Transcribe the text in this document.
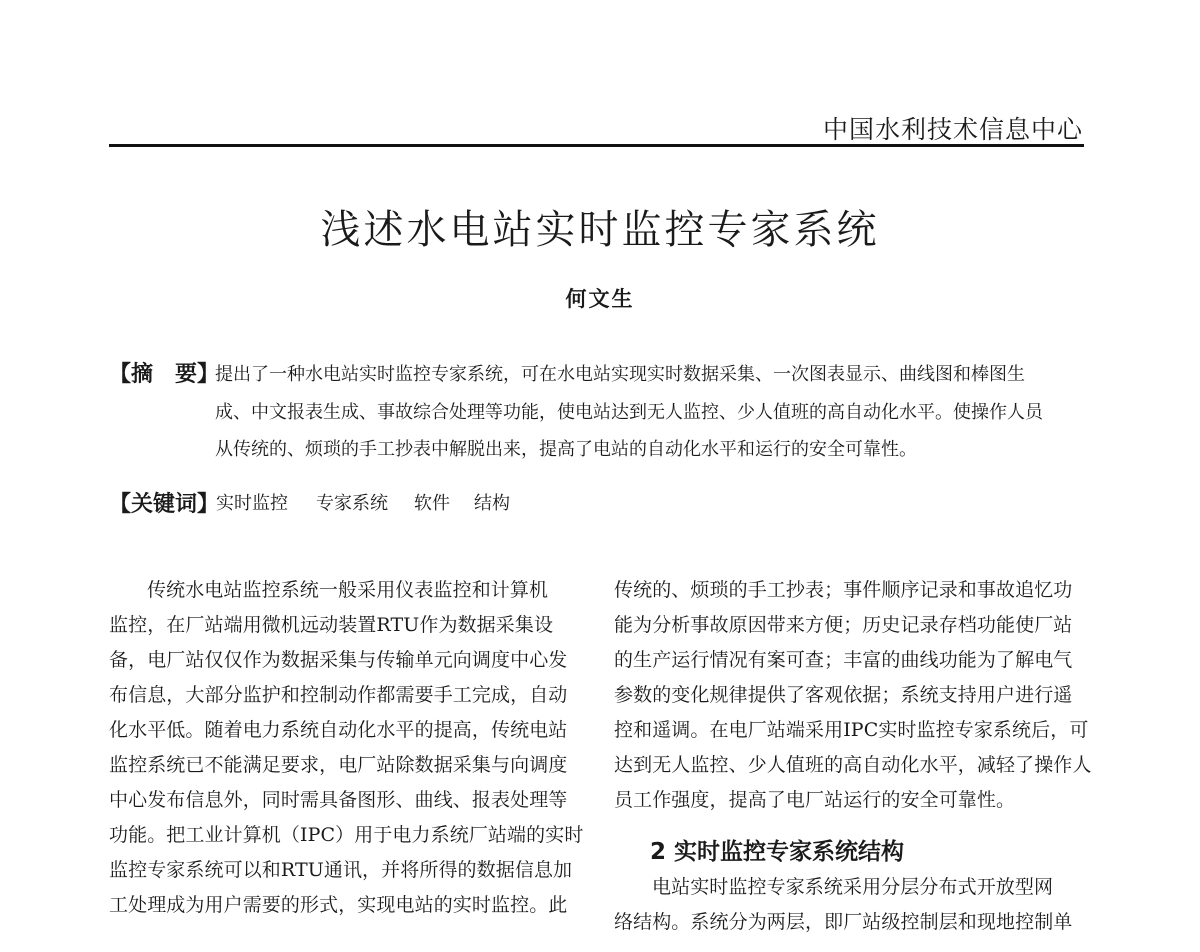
中国水利技术信息中心
浅述水电站实时监控专家系统
何文生
【摘　要】
提出了一种水电站实时监控专家系统，可在水电站实现实时数据采集、一次图表显示、曲线图和棒图生
成、中文报表生成、事故综合处理等功能，使电站达到无人监控、少人值班的高自动化水平。使操作人员
从传统的、烦琐的手工抄表中解脱出来，提高了电站的自动化水平和运行的安全可靠性。
【关键词】
实时监控 专家系统 软件 结构
传统水电站监控系统一般采用仪表监控和计算机
监控，在厂站端用微机远动装置RTU作为数据采集设
备，电厂站仅仅作为数据采集与传输单元向调度中心发
布信息，大部分监护和控制动作都需要手工完成，自动
化水平低。随着电力系统自动化水平的提高，传统电站
监控系统已不能满足要求，电厂站除数据采集与向调度
中心发布信息外，同时需具备图形、曲线、报表处理等
功能。把工业计算机（IPC）用于电力系统厂站端的实时
监控专家系统可以和RTU通讯，并将所得的数据信息加
工处理成为用户需要的形式，实现电站的实时监控。此
传统的、烦琐的手工抄表；事件顺序记录和事故追忆功
能为分析事故原因带来方便；历史记录存档功能使厂站
的生产运行情况有案可查；丰富的曲线功能为了解电气
参数的变化规律提供了客观依据；系统支持用户进行遥
控和遥调。在电厂站端采用IPC实时监控专家系统后，可
达到无人监控、少人值班的高自动化水平，减轻了操作人
员工作强度，提高了电厂站运行的安全可靠性。
2 实时监控专家系统结构
电站实时监控专家系统采用分层分布式开放型网
络结构。系统分为两层，即厂站级控制层和现地控制单
